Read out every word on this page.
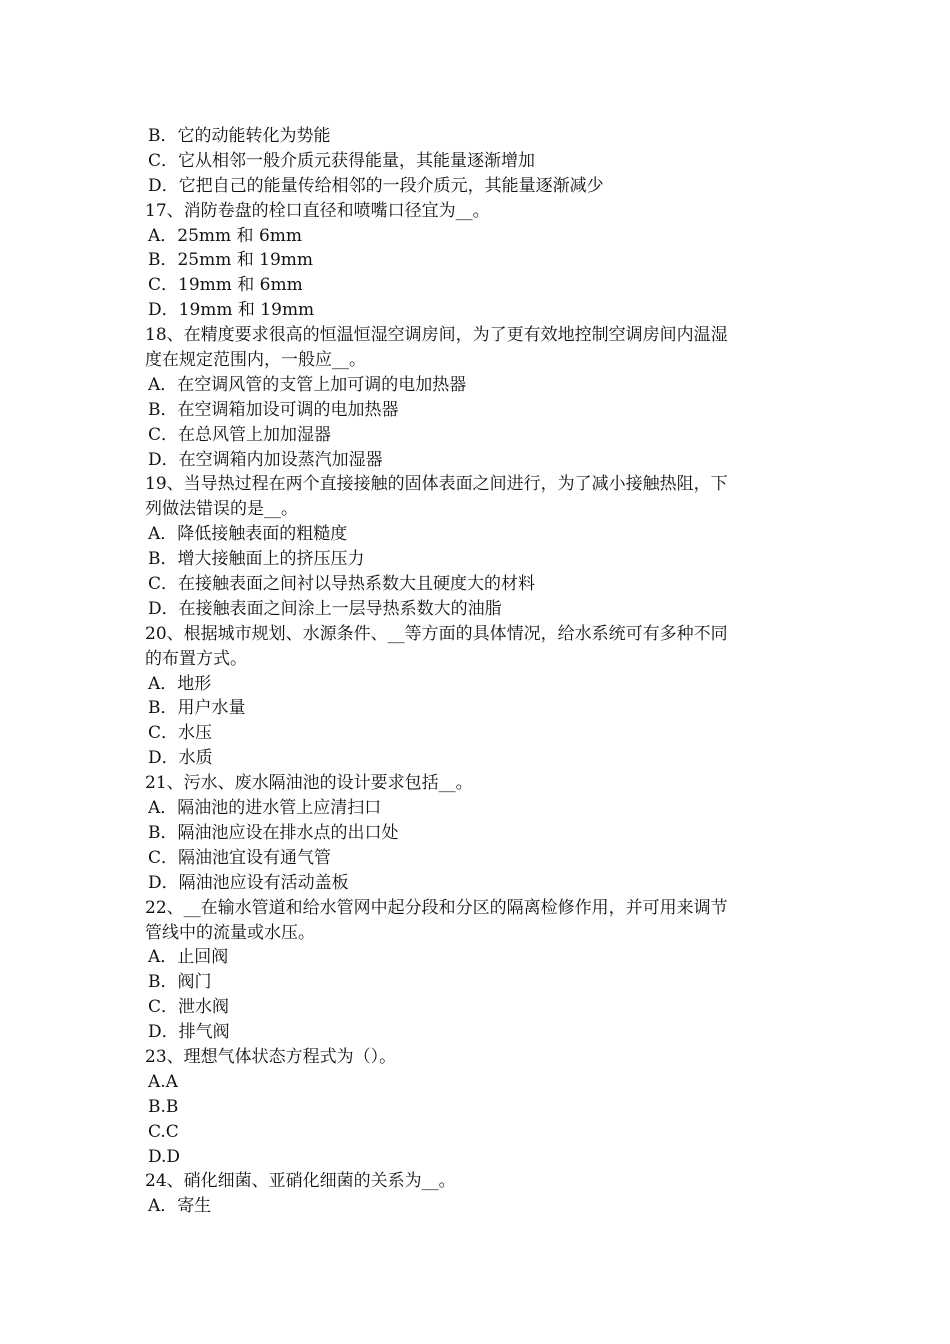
B．它的动能转化为势能
C．它从相邻一般介质元获得能量，其能量逐渐增加
D．它把自己的能量传给相邻的一段介质元，其能量逐渐减少
17、消防卷盘的栓口直径和喷嘴口径宜为__。
A．25mm 和 6mm
B．25mm 和 19mm
C．19mm 和 6mm
D．19mm 和 19mm
18、在精度要求很高的恒温恒湿空调房间，为了更有效地控制空调房间内温湿
度在规定范围内，一般应__。
A．在空调风管的支管上加可调的电加热器
B．在空调箱加设可调的电加热器
C．在总风管上加加湿器
D．在空调箱内加设蒸汽加湿器
19、当导热过程在两个直接接触的固体表面之间进行，为了减小接触热阻，下
列做法错误的是__。
A．降低接触表面的粗糙度
B．增大接触面上的挤压压力
C．在接触表面之间衬以导热系数大且硬度大的材料
D．在接触表面之间涂上一层导热系数大的油脂
20、根据城市规划、水源条件、__等方面的具体情况，给水系统可有多种不同
的布置方式。
A．地形
B．用户水量
C．水压
D．水质
21、污水、废水隔油池的设计要求包括__。
A．隔油池的进水管上应清扫口
B．隔油池应设在排水点的出口处
C．隔油池宜设有通气管
D．隔油池应设有活动盖板
22、__在输水管道和给水管网中起分段和分区的隔离检修作用，并可用来调节
管线中的流量或水压。
A．止回阀
B．阀门
C．泄水阀
D．排气阀
23、理想气体状态方程式为（）。
A.A
B.B
C.C
D.D
24、硝化细菌、亚硝化细菌的关系为__。
A．寄生
